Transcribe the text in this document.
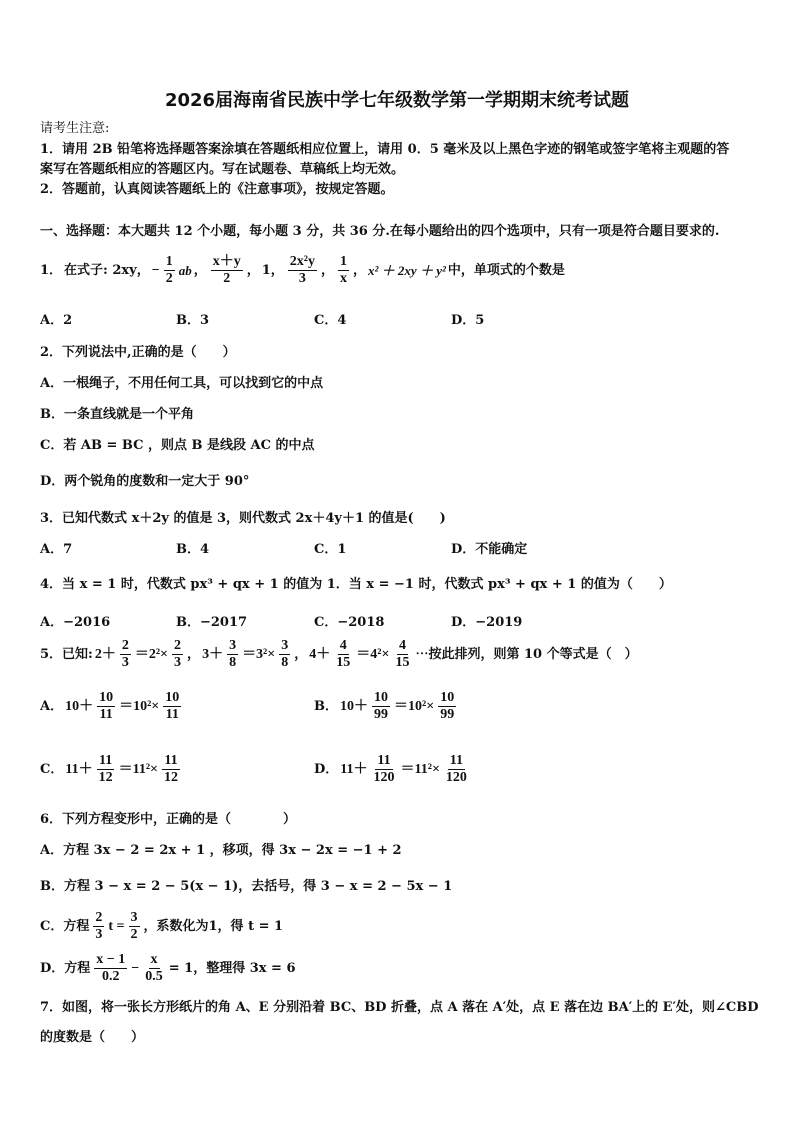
2026届海南省民族中学七年级数学第一学期期末统考试题
请考生注意:
1．请用 2B 铅笔将选择题答案涂填在答题纸相应位置上，请用 0．5 毫米及以上黑色字迹的钢笔或签字笔将主观题的答
案写在答题纸相应的答题区内。写在试题卷、草稿纸上均无效。
2．答题前，认真阅读答题纸上的《注意事项》，按规定答题。
一、选择题：本大题共 12 个小题，每小题 3 分，共 36 分.在每小题给出的四个选项中，只有一项是符合题目要求的.
1． 在式子: 2xy， − $\frac{1}{2}$ ab ， $\frac{x+y}{2}$ ， 1， $\frac{\text{2x²y}}{3}$ ， $\frac{1}{x}$ ， x² ＋ 2xy ＋ y² 中，单项式的个数是
A．2	B．3	C．4	D．5
2．下列说法中,正确的是（　　）
A．一根绳子，不用任何工具，可以找到它的中点
B．一条直线就是一个平角
C．若 AB = BC ，则点 B 是线段 AC 的中点
D．两个锐角的度数和一定大于 90°
3．已知代数式 x＋2y 的值是 3，则代数式 2x＋4y＋1 的值是(　　)
A．7	B．4	C．1	D．不能确定
4．当 x = 1 时，代数式 px³ + qx + 1 的值为 1．当 x = −1 时，代数式 px³ + qx + 1 的值为（　　）
A．−2016	B．−2017	C．−2018	D．−2019
5．已知: $2+ \frac{2}{3} =2^2\times \frac{2}{3}$ ， $3+ \frac{3}{8} =3^2\times \frac{3}{8}$ ， $4+ \frac{4}{15} =4^2\times \frac{4}{15}$ ⋯按此排列，则第 10 个等式是（　）
A． $10+ \frac{10}{11} =10^2\times \frac{10}{11}$	B． $10+ \frac{10}{99} =10^2\times \frac{10}{99}$
C． $11+ \frac{11}{12} =11^2\times \frac{11}{12}$	D． $11+ \frac{11}{120} =11^2\times \frac{11}{120}$
6．下列方程变形中，正确的是（　　　　）
A．方程 3x − 2 = 2x + 1 ，移项，得 3x − 2x = −1 + 2
B．方程 3 − x = 2 − 5(x − 1)，去括号，得 3 − x = 2 − 5x − 1
C．方程 $\frac{2}{3}$ $t = \frac{3}{2}$ ，系数化为1，得 t = 1
D．方程 $\frac{x - 1}{0.2} - \frac{x}{0.5} = 1$，整理得 3x = 6
7．如图，将一张长方形纸片的角 A、E 分别沿着 BC、BD 折叠，点 A 落在 A′处，点 E 落在边 BA′上的 E′处，则∠CBD
的度数是（　　）
